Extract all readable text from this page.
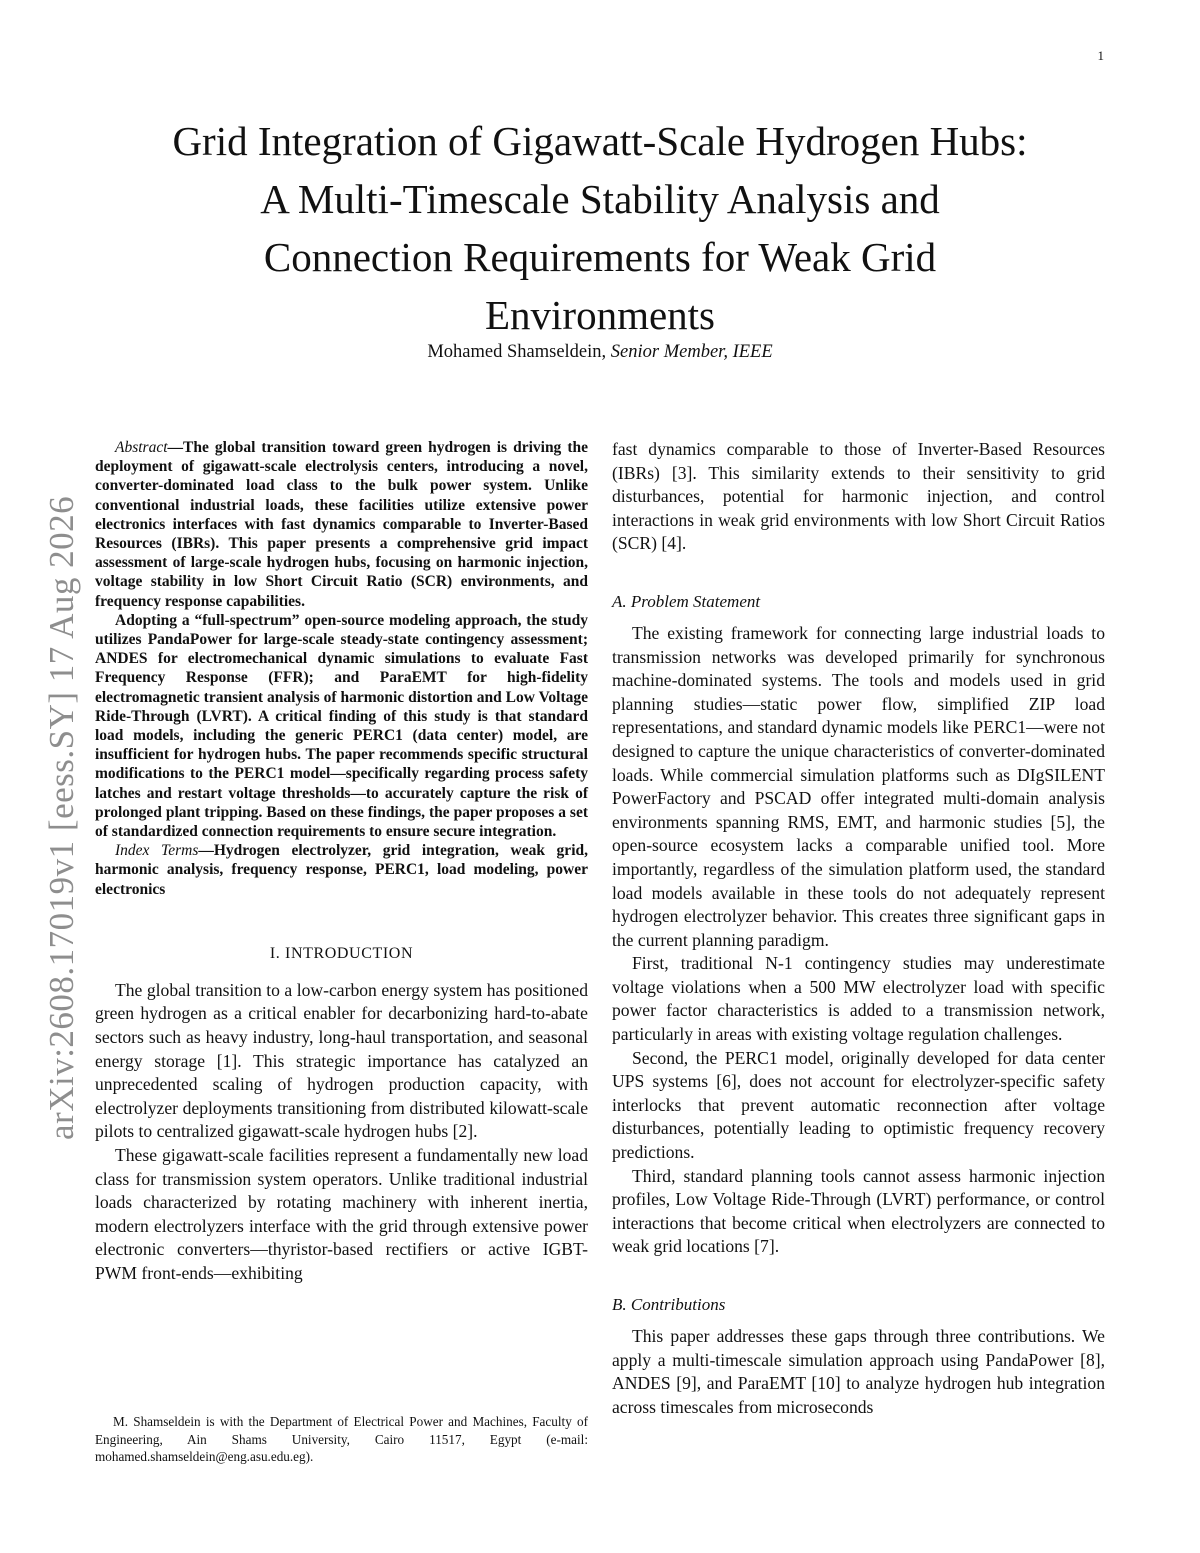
1
arXiv:2608.17019v1 [eess.SY] 17 Aug 2026
Grid Integration of Gigawatt-Scale Hydrogen Hubs:
A Multi-Timescale Stability Analysis and
Connection Requirements for Weak Grid
Environments
Mohamed Shamseldein, Senior Member, IEEE

Abstract—The global transition toward green hydrogen is driving the deployment of gigawatt-scale electrolysis centers, introducing a novel, converter-dominated load class to the bulk power system. Unlike conventional industrial loads, these facilities utilize extensive power electronics interfaces with fast dynamics comparable to Inverter-Based Resources (IBRs). This paper presents a comprehensive grid impact assessment of large-scale hydrogen hubs, focusing on harmonic injection, voltage stability in low Short Circuit Ratio (SCR) environments, and frequency response capabilities.

Adopting a “full-spectrum” open-source modeling approach, the study utilizes PandaPower for large-scale steady-state contingency assessment; ANDES for electromechanical dynamic simulations to evaluate Fast Frequency Response (FFR); and ParaEMT for high-fidelity electromagnetic transient analysis of harmonic distortion and Low Voltage Ride-Through (LVRT). A critical finding of this study is that standard load models, including the generic PERC1 (data center) model, are insufficient for hydrogen hubs. The paper recommends specific structural modifications to the PERC1 model—specifically regarding process safety latches and restart voltage thresholds—to accurately capture the risk of prolonged plant tripping. Based on these findings, the paper proposes a set of standardized connection requirements to ensure secure integration.

Index Terms—Hydrogen electrolyzer, grid integration, weak grid, harmonic analysis, frequency response, PERC1, load modeling, power electronics

I. INTRODUCTION

The global transition to a low-carbon energy system has positioned green hydrogen as a critical enabler for decarbonizing hard-to-abate sectors such as heavy industry, long-haul transportation, and seasonal energy storage [1]. This strategic importance has catalyzed an unprecedented scaling of hydrogen production capacity, with electrolyzer deployments transitioning from distributed kilowatt-scale pilots to centralized gigawatt-scale hydrogen hubs [2].

These gigawatt-scale facilities represent a fundamentally new load class for transmission system operators. Unlike traditional industrial loads characterized by rotating machinery with inherent inertia, modern electrolyzers interface with the grid through extensive power electronic converters—thyristor-based rectifiers or active IGBT-PWM front-ends—exhibiting

fast dynamics comparable to those of Inverter-Based Resources (IBRs) [3]. This similarity extends to their sensitivity to grid disturbances, potential for harmonic injection, and control interactions in weak grid environments with low Short Circuit Ratios (SCR) [4].

A. Problem Statement

The existing framework for connecting large industrial loads to transmission networks was developed primarily for synchronous machine-dominated systems. The tools and models used in grid planning studies—static power flow, simplified ZIP load representations, and standard dynamic models like PERC1—were not designed to capture the unique characteristics of converter-dominated loads. While commercial simulation platforms such as DIgSILENT PowerFactory and PSCAD offer integrated multi-domain analysis environments spanning RMS, EMT, and harmonic studies [5], the open-source ecosystem lacks a comparable unified tool. More importantly, regardless of the simulation platform used, the standard load models available in these tools do not adequately represent hydrogen electrolyzer behavior. This creates three significant gaps in the current planning paradigm.

First, traditional N-1 contingency studies may underestimate voltage violations when a 500 MW electrolyzer load with specific power factor characteristics is added to a transmission network, particularly in areas with existing voltage regulation challenges.

Second, the PERC1 model, originally developed for data center UPS systems [6], does not account for electrolyzer-specific safety interlocks that prevent automatic reconnection after voltage disturbances, potentially leading to optimistic frequency recovery predictions.

Third, standard planning tools cannot assess harmonic injection profiles, Low Voltage Ride-Through (LVRT) performance, or control interactions that become critical when electrolyzers are connected to weak grid locations [7].

B. Contributions

This paper addresses these gaps through three contributions. We apply a multi-timescale simulation approach using PandaPower [8], ANDES [9], and ParaEMT [10] to analyze hydrogen hub integration across timescales from microseconds

M. Shamseldein is with the Department of Electrical Power and Machines, Faculty of Engineering, Ain Shams University, Cairo 11517, Egypt (e-mail: mohamed.shamseldein@eng.asu.edu.eg).
